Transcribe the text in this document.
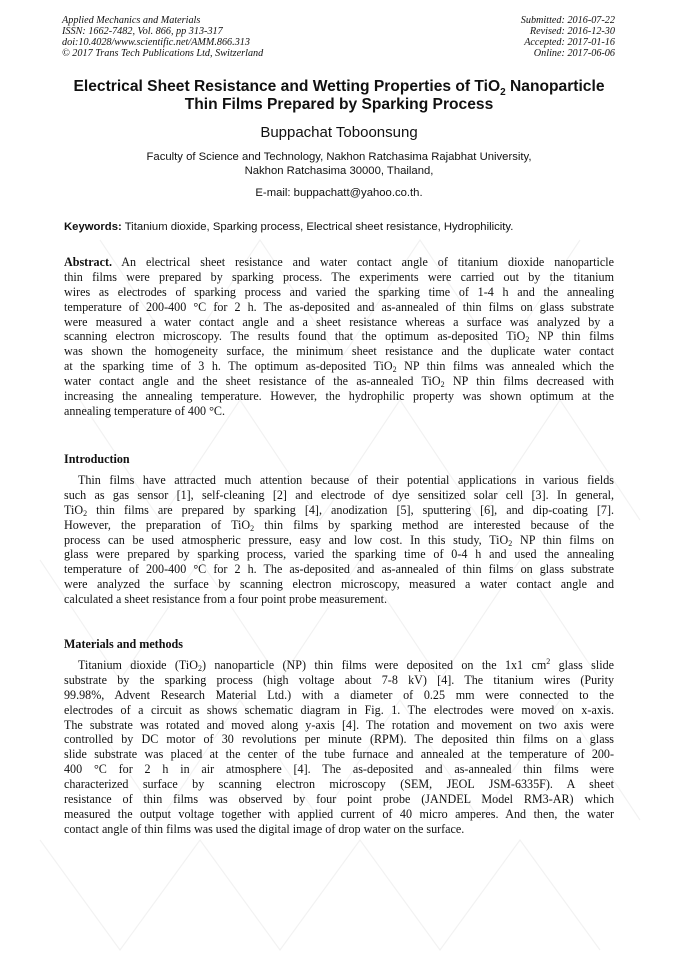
Applied Mechanics and Materials
ISSN: 1662-7482, Vol. 866, pp 313-317
doi:10.4028/www.scientific.net/AMM.866.313
© 2017 Trans Tech Publications Ltd, Switzerland
Submitted: 2016-07-22
Revised: 2016-12-30
Accepted: 2017-01-16
Online: 2017-06-06
Electrical Sheet Resistance and Wetting Properties of TiO$_2$ Nanoparticle
Thin Films Prepared by Sparking Process
Buppachat Toboonsung
Faculty of Science and Technology, Nakhon Ratchasima Rajabhat University,
Nakhon Ratchasima 30000, Thailand,
E-mail: buppachatt@yahoo.co.th.
Keywords: Titanium dioxide, Sparking process, Electrical sheet resistance, Hydrophilicity.
Abstract. An electrical sheet resistance and water contact angle of titanium dioxide nanoparticle
thin films were prepared by sparking process. The experiments were carried out by the titanium
wires as electrodes of sparking process and varied the sparking time of 1-4 h and the annealing
temperature of 200-400 °C for 2 h. The as-deposited and as-annealed of thin films on glass substrate
were measured a water contact angle and a sheet resistance whereas a surface was analyzed by a
scanning electron microscopy. The results found that the optimum as-deposited TiO$_2$ NP thin films
was shown the homogeneity surface, the minimum sheet resistance and the duplicate water contact
at the sparking time of 3 h. The optimum as-deposited TiO$_2$ NP thin films was annealed which the
water contact angle and the sheet resistance of the as-annealed TiO$_2$ NP thin films decreased with
increasing the annealing temperature. However, the hydrophilic property was shown optimum at the
annealing temperature of 400 °C.
Introduction
Thin films have attracted much attention because of their potential applications in various fields
such as gas sensor [1], self-cleaning [2] and electrode of dye sensitized solar cell [3]. In general,
TiO$_2$ thin films are prepared by sparking [4], anodization [5], sputtering [6], and dip-coating [7].
However, the preparation of TiO$_2$ thin films by sparking method are interested because of the
process can be used atmospheric pressure, easy and low cost. In this study, TiO$_2$ NP thin films on
glass were prepared by sparking process, varied the sparking time of 0-4 h and used the annealing
temperature of 200-400 °C for 2 h. The as-deposited and as-annealed of thin films on glass substrate
were analyzed the surface by scanning electron microscopy, measured a water contact angle and
calculated a sheet resistance from a four point probe measurement.
Materials and methods
Titanium dioxide (TiO$_2$) nanoparticle (NP) thin films were deposited on the 1x1 $cm^2$ glass slide
substrate by the sparking process (high voltage about 7-8 kV) [4]. The titanium wires (Purity
99.98%, Advent Research Material Ltd.) with a diameter of 0.25 mm were connected to the
electrodes of a circuit as shows schematic diagram in Fig. 1. The electrodes were moved on x-axis.
The substrate was rotated and moved along y-axis [4]. The rotation and movement on two axis were
controlled by DC motor of 30 revolutions per minute (RPM). The deposited thin films on a glass
slide substrate was placed at the center of the tube furnace and annealed at the temperature of 200-
400 °C for 2 h in air atmosphere [4]. The as-deposited and as-annealed thin films were
characterized surface by scanning electron microscopy (SEM, JEOL JSM-6335F). A sheet
resistance of thin films was observed by four point probe (JANDEL Model RM3-AR) which
measured the output voltage together with applied current of 40 micro amperes. And then, the water
contact angle of thin films was used the digital image of drop water on the surface.
